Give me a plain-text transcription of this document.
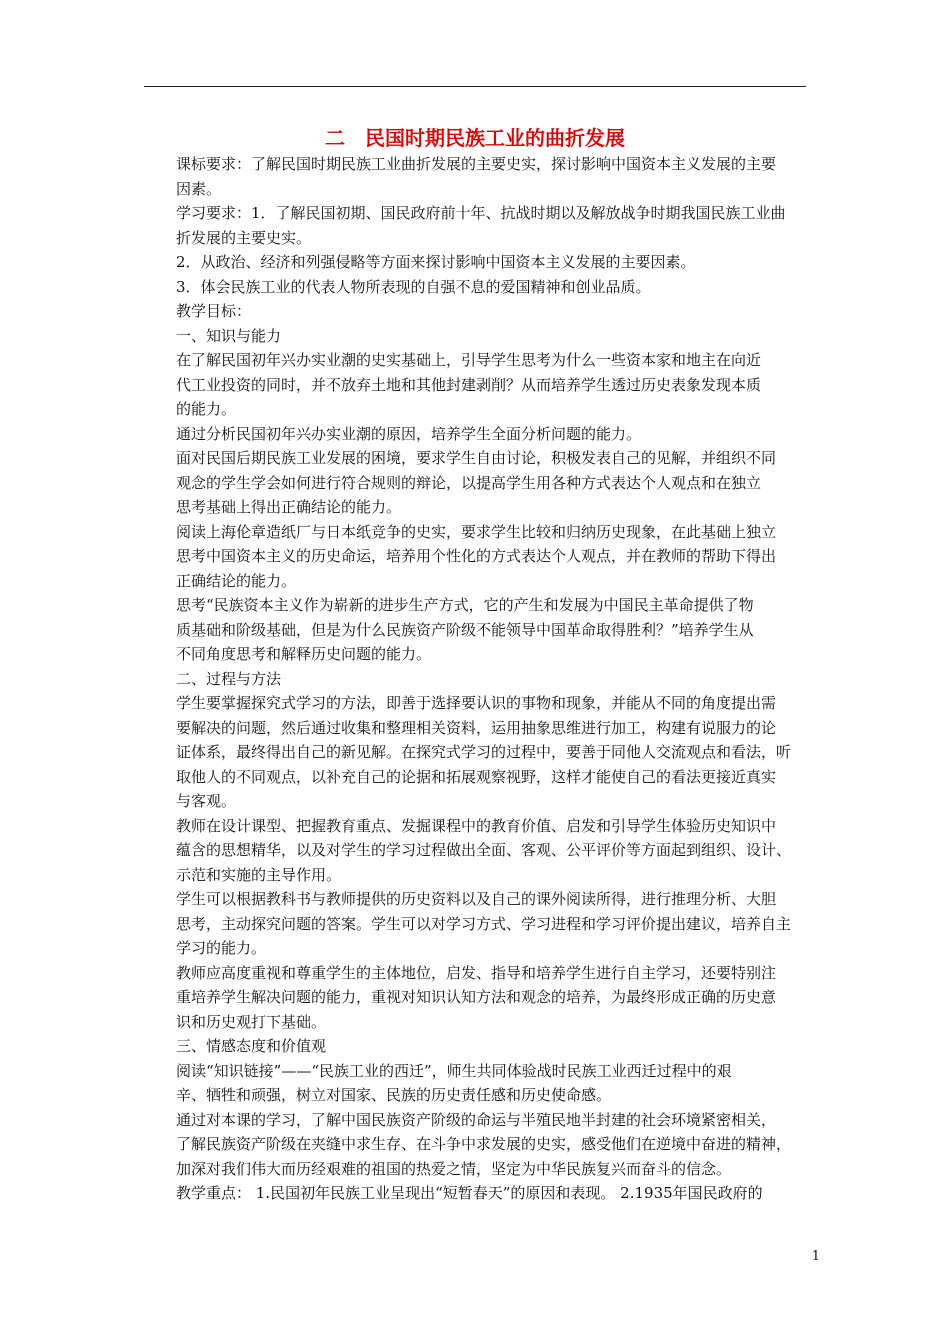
二　民国时期民族工业的曲折发展
课标要求：了解民国时期民族工业曲折发展的主要史实，探讨影响中国资本主义发展的主要
因素。
学习要求：1．了解民国初期、国民政府前十年、抗战时期以及解放战争时期我国民族工业曲
折发展的主要史实。
2．从政治、经济和列强侵略等方面来探讨影响中国资本主义发展的主要因素。
3．体会民族工业的代表人物所表现的自强不息的爱国精神和创业品质。
教学目标：
一、知识与能力
在了解民国初年兴办实业潮的史实基础上，引导学生思考为什么一些资本家和地主在向近
代工业投资的同时，并不放弃土地和其他封建剥削？从而培养学生透过历史表象发现本质
的能力。
通过分析民国初年兴办实业潮的原因，培养学生全面分析问题的能力。
面对民国后期民族工业发展的困境，要求学生自由讨论，积极发表自己的见解，并组织不同
观念的学生学会如何进行符合规则的辩论，以提高学生用各种方式表达个人观点和在独立
思考基础上得出正确结论的能力。
阅读上海伦章造纸厂与日本纸竞争的史实，要求学生比较和归纳历史现象，在此基础上独立
思考中国资本主义的历史命运，培养用个性化的方式表达个人观点，并在教师的帮助下得出
正确结论的能力。
思考“民族资本主义作为崭新的进步生产方式，它的产生和发展为中国民主革命提供了物
质基础和阶级基础，但是为什么民族资产阶级不能领导中国革命取得胜利？”培养学生从
不同角度思考和解释历史问题的能力。
二、过程与方法
学生要掌握探究式学习的方法，即善于选择要认识的事物和现象，并能从不同的角度提出需
要解决的问题，然后通过收集和整理相关资料，运用抽象思维进行加工，构建有说服力的论
证体系，最终得出自己的新见解。在探究式学习的过程中，要善于同他人交流观点和看法，听
取他人的不同观点，以补充自己的论据和拓展观察视野，这样才能使自己的看法更接近真实
与客观。
教师在设计课型、把握教育重点、发掘课程中的教育价值、启发和引导学生体验历史知识中
蕴含的思想精华，以及对学生的学习过程做出全面、客观、公平评价等方面起到组织、设计、
示范和实施的主导作用。
学生可以根据教科书与教师提供的历史资料以及自己的课外阅读所得，进行推理分析、大胆
思考，主动探究问题的答案。学生可以对学习方式、学习进程和学习评价提出建议，培养自主
学习的能力。
教师应高度重视和尊重学生的主体地位，启发、指导和培养学生进行自主学习，还要特别注
重培养学生解决问题的能力，重视对知识认知方法和观念的培养，为最终形成正确的历史意
识和历史观打下基础。
三、情感态度和价值观
阅读“知识链接”——“民族工业的西迁”，师生共同体验战时民族工业西迁过程中的艰
辛、牺牲和顽强，树立对国家、民族的历史责任感和历史使命感。
通过对本课的学习，了解中国民族资产阶级的命运与半殖民地半封建的社会环境紧密相关，
了解民族资产阶级在夹缝中求生存、在斗争中求发展的史实，感受他们在逆境中奋进的精神，
加深对我们伟大而历经艰难的祖国的热爱之情，坚定为中华民族复兴而奋斗的信念。
教学重点： 1.民国初年民族工业呈现出“短暂春天”的原因和表现。 2.1935年国民政府的
1
